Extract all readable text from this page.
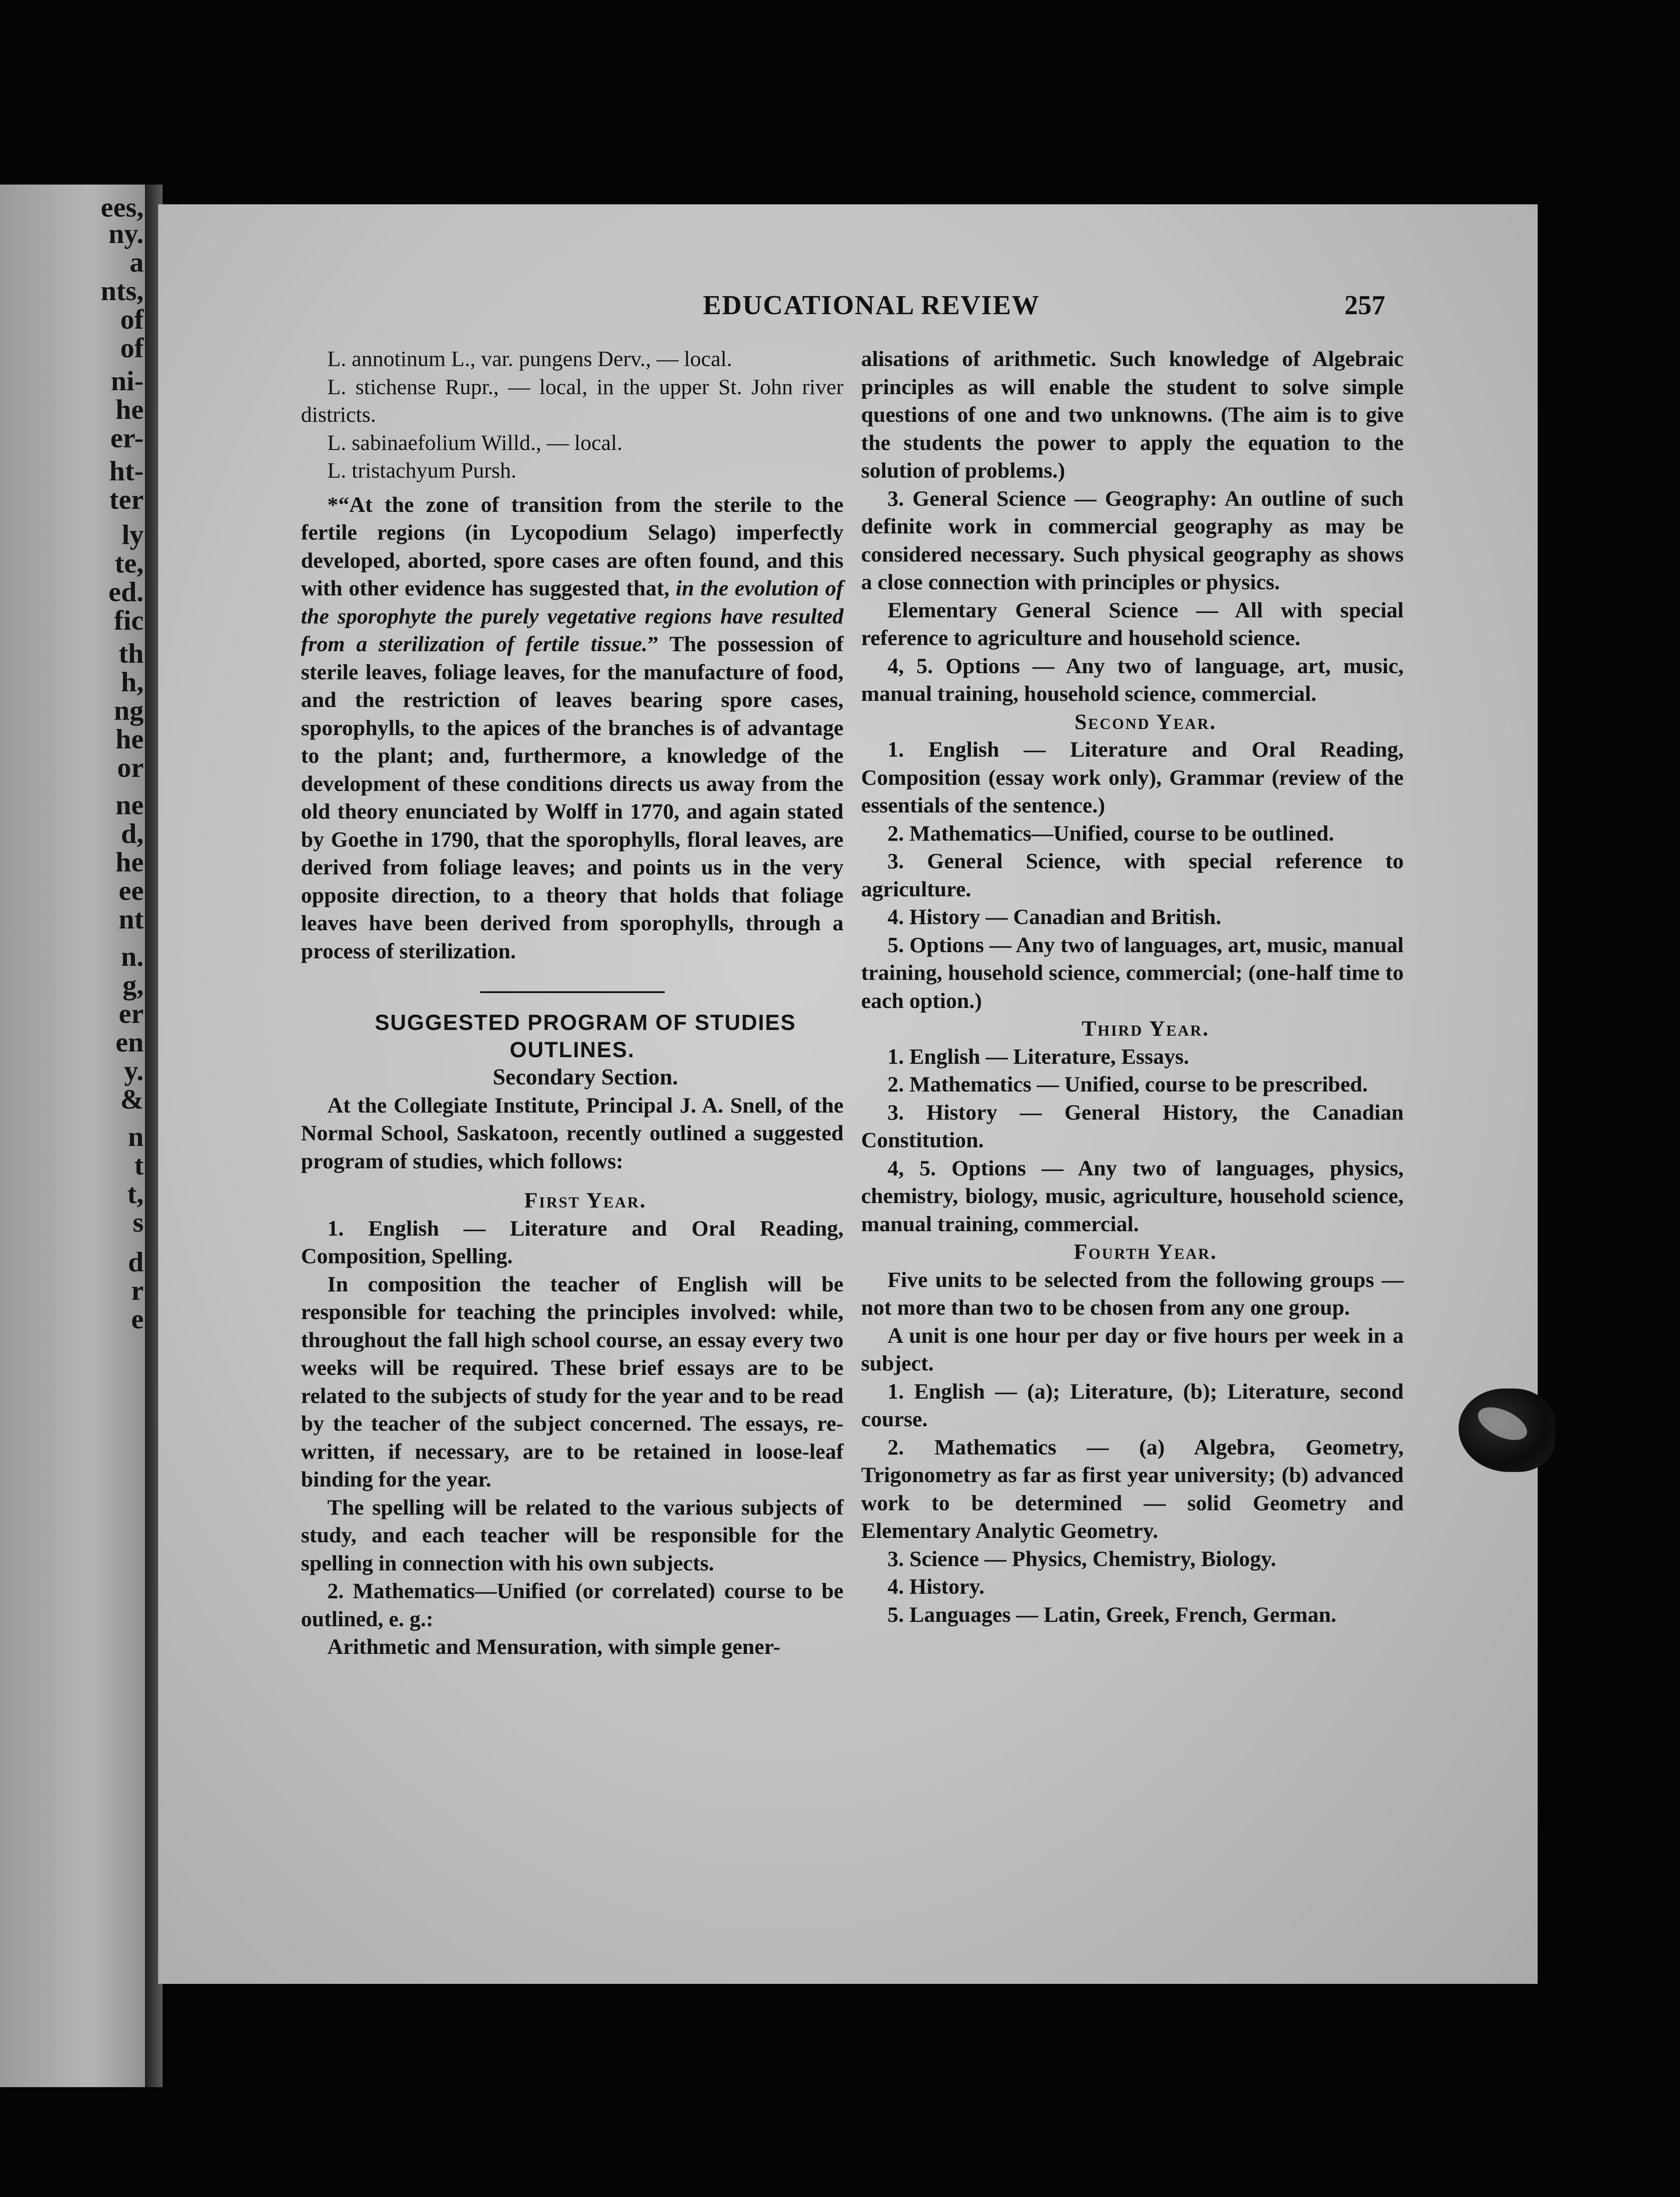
ees,
ny.
a
nts,
of
of
ni-
he
er-
ht-
ter
ly
te,
ed.
fic
th
h,
ng
he
or
ne
d,
he
ee
nt
n.
g,
er
en
y.
&
n
t
t,
s
d
r
e
EDUCATIONAL REVIEW	257

L. annotinum L., var. pungens Derv., — local.

L. stichense Rupr., — local, in the upper St. John river districts.

L. sabinaefolium Willd., — local.

L. tristachyum Pursh.

*“At the zone of transition from the sterile to the fertile regions (in Lycopodium Selago) imperfectly developed, aborted, spore cases are often found, and this with other evidence has suggested that, in the evolution of the sporophyte the purely vegetative regions have resulted from a sterilization of fertile tissue.” The possession of sterile leaves, foliage leaves, for the manufacture of food, and the restriction of leaves bearing spore cases, sporophylls, to the apices of the branches is of advantage to the plant; and, furthermore, a knowledge of the development of these conditions directs us away from the old theory enunciated by Wolff in 1770, and again stated by Goethe in 1790, that the sporophylls, floral leaves, are derived from foliage leaves; and points us in the very opposite direction, to a theory that holds that foliage leaves have been derived from sporophylls, through a process of sterilization.

SUGGESTED PROGRAM OF STUDIES OUTLINES.

Secondary Section.

At the Collegiate Institute, Principal J. A. Snell, of the Normal School, Saskatoon, recently outlined a suggested program of studies, which follows:

First Year.

1. English — Literature and Oral Reading, Composition, Spelling.

In composition the teacher of English will be responsible for teaching the principles involved: while, throughout the fall high school course, an essay every two weeks will be required. These brief essays are to be related to the subjects of study for the year and to be read by the teacher of the subject concerned. The essays, re-written, if necessary, are to be retained in loose-leaf binding for the year.

The spelling will be related to the various subjects of study, and each teacher will be responsible for the spelling in connection with his own subjects.

2. Mathematics—Unified (or correlated) course to be outlined, e. g.:

Arithmetic and Mensuration, with simple gener-

alisations of arithmetic. Such knowledge of Algebraic principles as will enable the student to solve simple questions of one and two unknowns. (The aim is to give the students the power to apply the equation to the solution of problems.)

3. General Science — Geography: An outline of such definite work in commercial geography as may be considered necessary. Such physical geography as shows a close connection with principles or physics.

Elementary General Science — All with special reference to agriculture and household science.

4, 5. Options — Any two of language, art, music, manual training, household science, commercial.

Second Year.

1. English — Literature and Oral Reading, Composition (essay work only), Grammar (review of the essentials of the sentence.)

2. Mathematics—Unified, course to be outlined.

3. General Science, with special reference to agriculture.

4. History — Canadian and British.

5. Options — Any two of languages, art, music, manual training, household science, commercial; (one-half time to each option.)

Third Year.

1. English — Literature, Essays.

2. Mathematics — Unified, course to be prescribed.

3. History — General History, the Canadian Constitution.

4, 5. Options — Any two of languages, physics, chemistry, biology, music, agriculture, household science, manual training, commercial.

Fourth Year.

Five units to be selected from the following groups — not more than two to be chosen from any one group.

A unit is one hour per day or five hours per week in a subject.

1. English — (a); Literature, (b); Literature, second course.

2. Mathematics — (a) Algebra, Geometry, Trigonometry as far as first year university; (b) advanced work to be determined — solid Geometry and Elementary Analytic Geometry.

3. Science — Physics, Chemistry, Biology.

4. History.

5. Languages — Latin, Greek, French, German.
